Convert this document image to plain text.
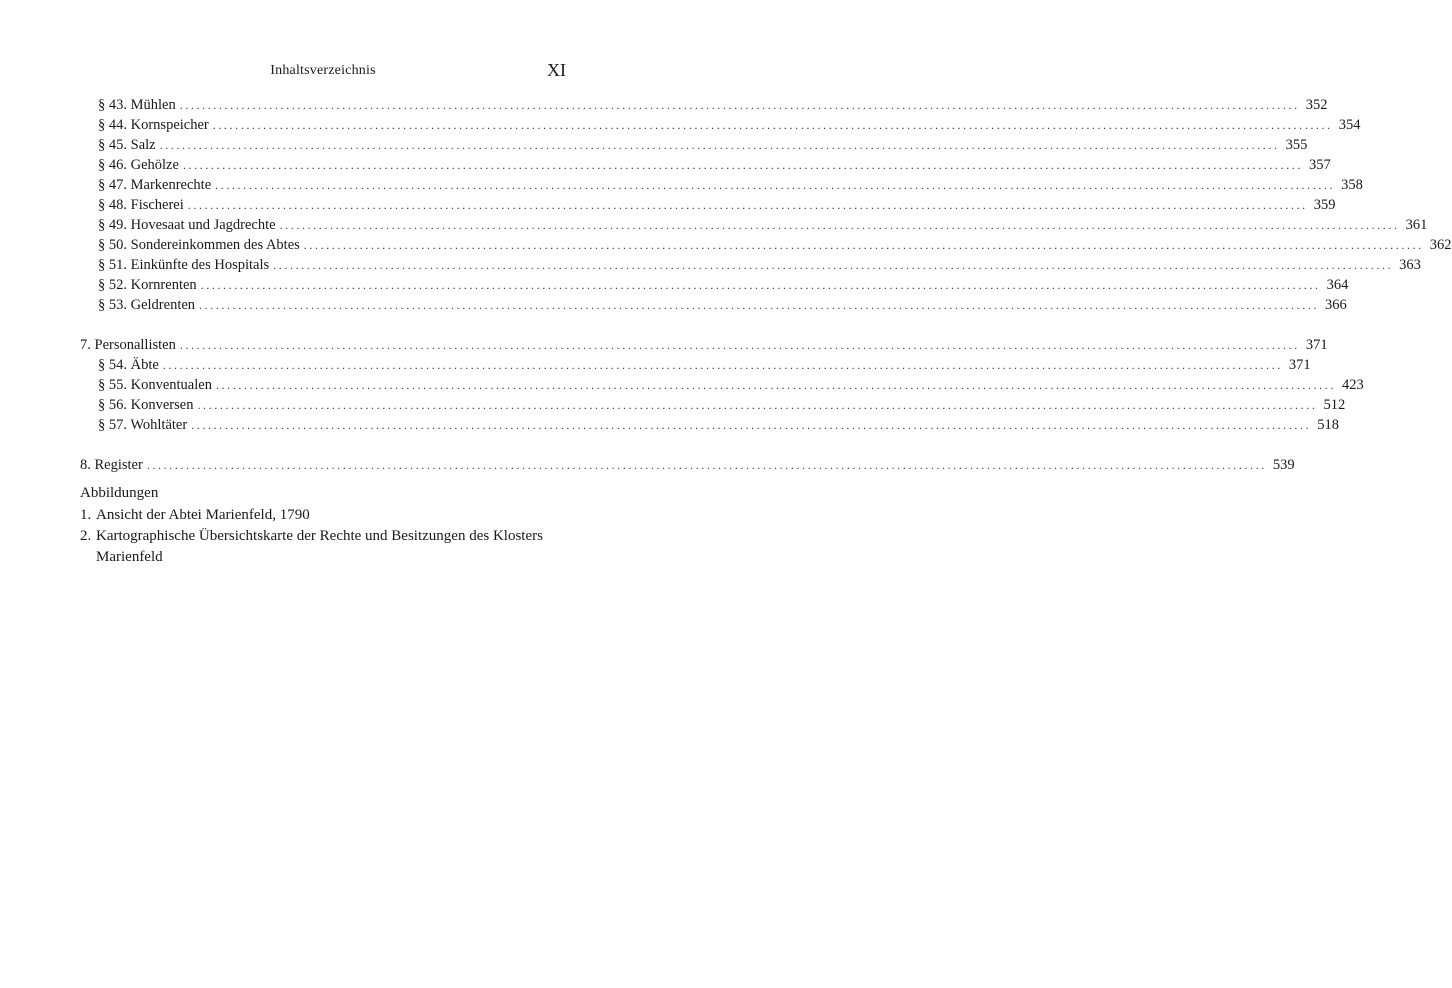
Inhaltsverzeichnis	XI
§ 43. Mühlen ........................................................................................................................................................................................................ 352
§ 44. Kornspeicher ........................................................................................................................................................................................................ 354
§ 45. Salz ........................................................................................................................................................................................................ 355
§ 46. Gehölze ........................................................................................................................................................................................................ 357
§ 47. Markenrechte ........................................................................................................................................................................................................ 358
§ 48. Fischerei ........................................................................................................................................................................................................ 359
§ 49. Hovesaat und Jagdrechte ........................................................................................................................................................................................................ 361
§ 50. Sondereinkommen des Abtes ........................................................................................................................................................................................................ 362
§ 51. Einkünfte des Hospitals ........................................................................................................................................................................................................ 363
§ 52. Kornrenten ........................................................................................................................................................................................................ 364
§ 53. Geldrenten ........................................................................................................................................................................................................ 366
7. Personallisten ........................................................................................................................................................................................................ 371
§ 54. Äbte ........................................................................................................................................................................................................ 371
§ 55. Konventualen ........................................................................................................................................................................................................ 423
§ 56. Konversen ........................................................................................................................................................................................................ 512
§ 57. Wohltäter ........................................................................................................................................................................................................ 518
8. Register ........................................................................................................................................................................................................ 539
Abbildungen
1. Ansicht der Abtei Marienfeld, 1790
2. Kartographische Übersichtskarte der Rechte und Besitzungen des Klosters Marienfeld
